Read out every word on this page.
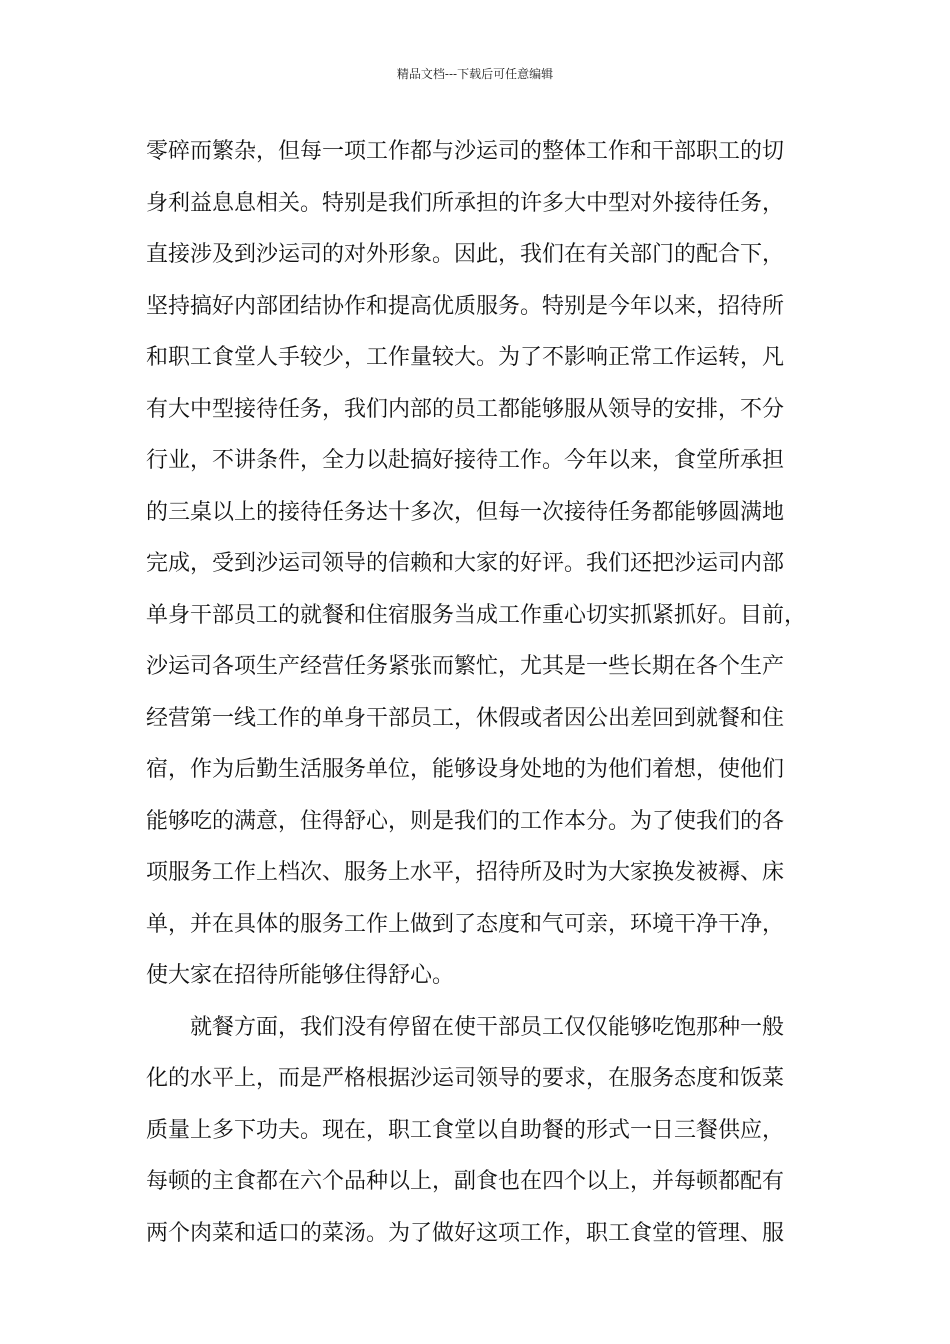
精品文档---下载后可任意编辑
零碎而繁杂，但每一项工作都与沙运司的整体工作和干部职工的切
身利益息息相关。特别是我们所承担的许多大中型对外接待任务，
直接涉及到沙运司的对外形象。因此，我们在有关部门的配合下，
坚持搞好内部团结协作和提高优质服务。特别是今年以来，招待所
和职工食堂人手较少，工作量较大。为了不影响正常工作运转，凡
有大中型接待任务，我们内部的员工都能够服从领导的安排，不分
行业，不讲条件，全力以赴搞好接待工作。今年以来，食堂所承担
的三桌以上的接待任务达十多次，但每一次接待任务都能够圆满地
完成，受到沙运司领导的信赖和大家的好评。我们还把沙运司内部
单身干部员工的就餐和住宿服务当成工作重心切实抓紧抓好。目前，
沙运司各项生产经营任务紧张而繁忙，尤其是一些长期在各个生产
经营第一线工作的单身干部员工，休假或者因公出差回到就餐和住
宿，作为后勤生活服务单位，能够设身处地的为他们着想，使他们
能够吃的满意，住得舒心，则是我们的工作本分。为了使我们的各
项服务工作上档次、服务上水平，招待所及时为大家换发被褥、床
单，并在具体的服务工作上做到了态度和气可亲，环境干净干净，
使大家在招待所能够住得舒心。
就餐方面，我们没有停留在使干部员工仅仅能够吃饱那种一般
化的水平上，而是严格根据沙运司领导的要求，在服务态度和饭菜
质量上多下功夫。现在，职工食堂以自助餐的形式一日三餐供应，
每顿的主食都在六个品种以上，副食也在四个以上，并每顿都配有
两个肉菜和适口的菜汤。为了做好这项工作，职工食堂的管理、服
